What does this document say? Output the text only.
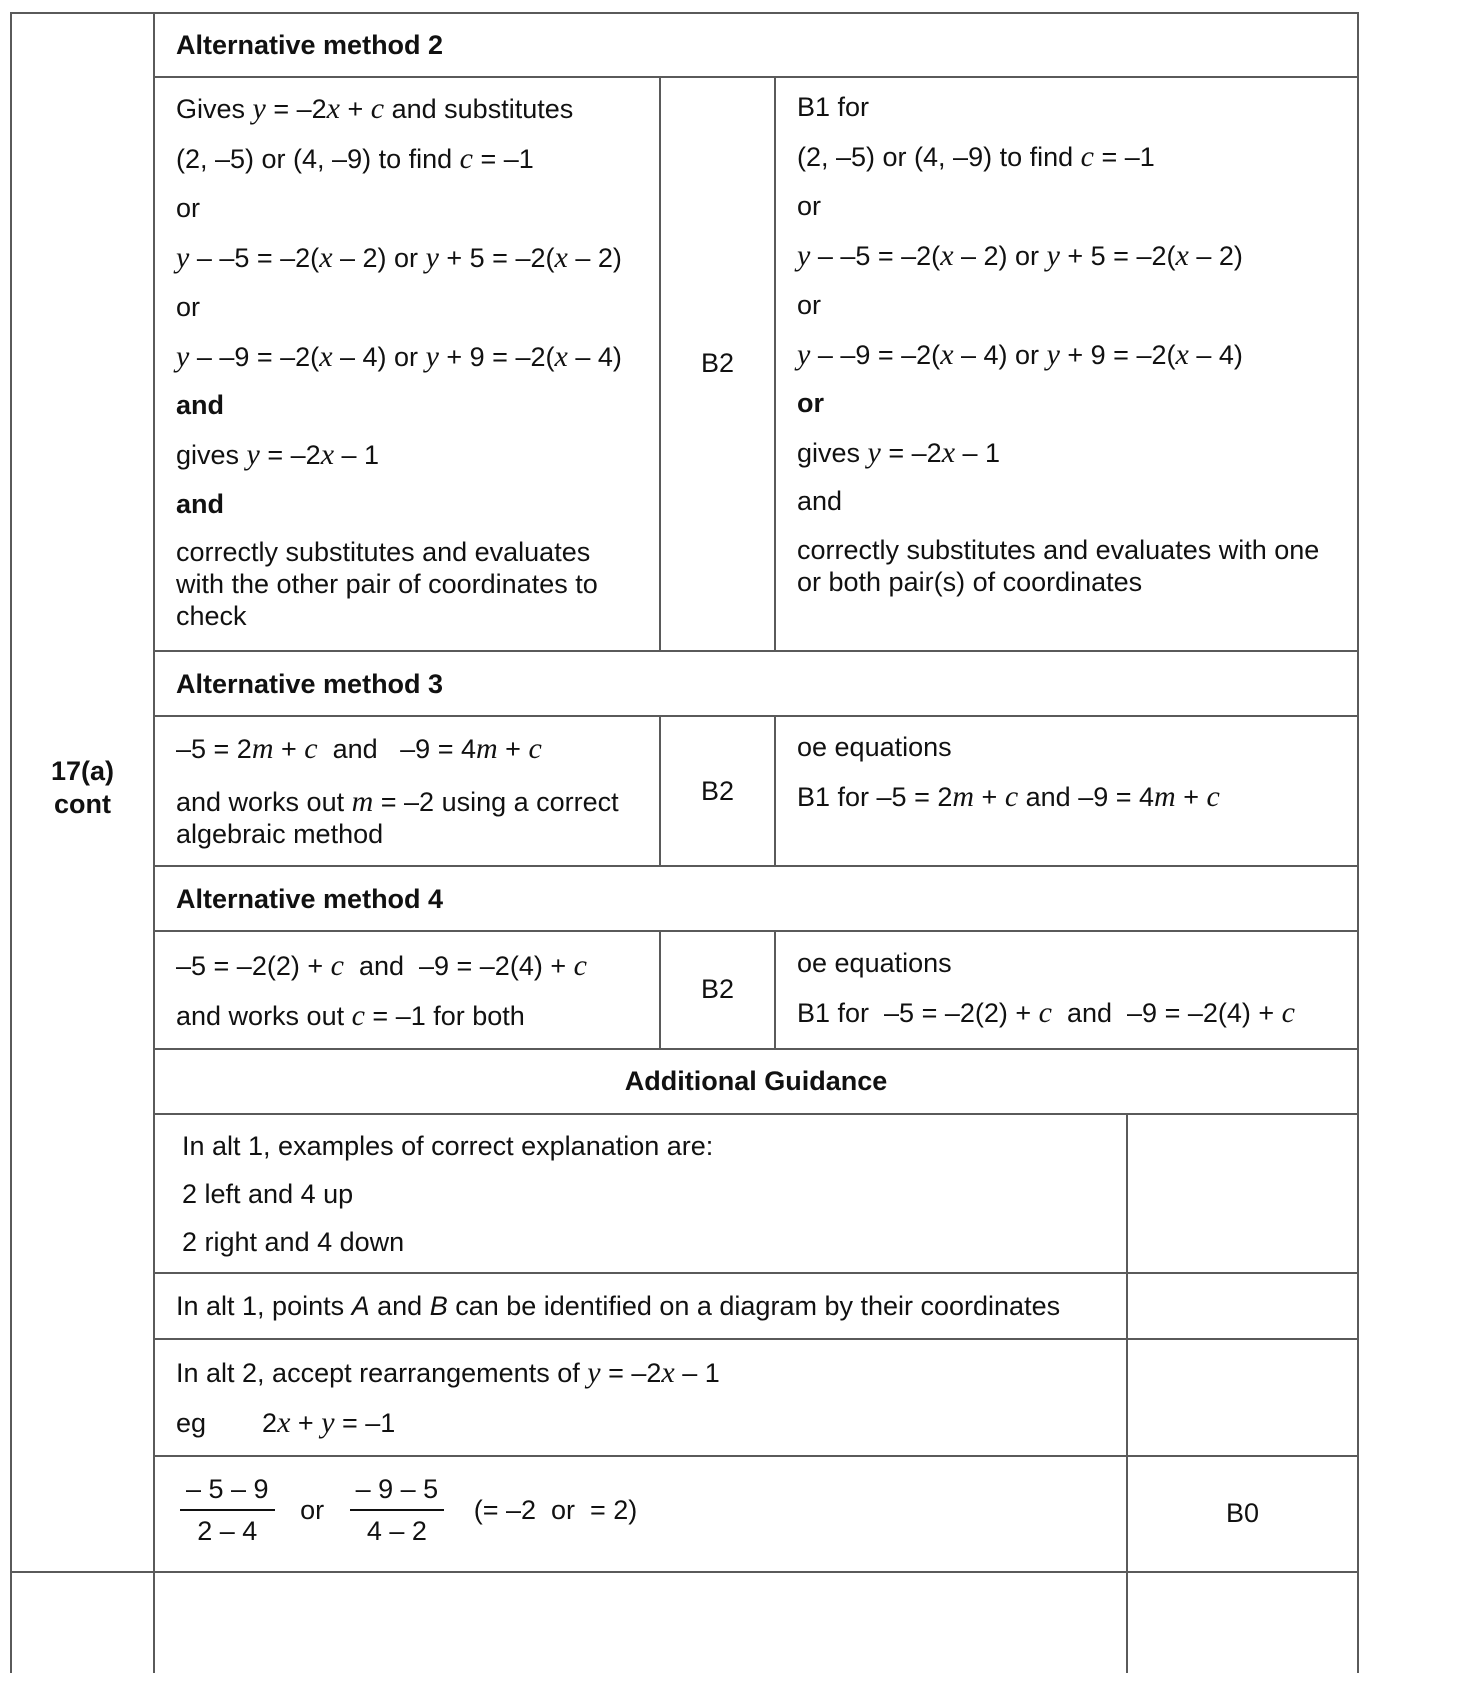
17(a)
cont
Alternative method 2
Gives y = –2x + c and substitutes
(2, –5) or (4, –9) to find c = –1
or
y – –5 = –2(x – 2) or y + 5 = –2(x – 2)
or
y – –9 = –2(x – 4) or y + 9 = –2(x – 4)
and
gives y = –2x – 1
and
correctly substitutes and evaluates
with the other pair of coordinates to
check
B2
B1 for
(2, –5) or (4, –9) to find c = –1
or
y – –5 = –2(x – 2) or y + 5 = –2(x – 2)
or
y – –9 = –2(x – 4) or y + 9 = –2(x – 4)
or
gives y = –2x – 1
and
correctly substitutes and evaluates with one
or both pair(s) of coordinates
Alternative method 3
–5 = 2m + c  and   –9 = 4m + c
and works out m = –2 using a correct
algebraic method
B2
oe equations
B1 for –5 = 2m + c and –9 = 4m + c
Alternative method 4
–5 = –2(2) + c  and  –9 = –2(4) + c
and works out c = –1 for both
B2
oe equations
B1 for  –5 = –2(2) + c  and  –9 = –2(4) + c
Additional Guidance
In alt 1, examples of correct explanation are:
2 left and 4 up
2 right and 4 down
In alt 1, points A and B can be identified on a diagram by their coordinates
In alt 2, accept rearrangements of y = –2x – 1
eg 2x + y = –1
$\frac{- 5 - 9}{2 - 4}$ or $\frac{- 9 - 5}{4 - 2}$ (= –2  or  = 2)	B0
